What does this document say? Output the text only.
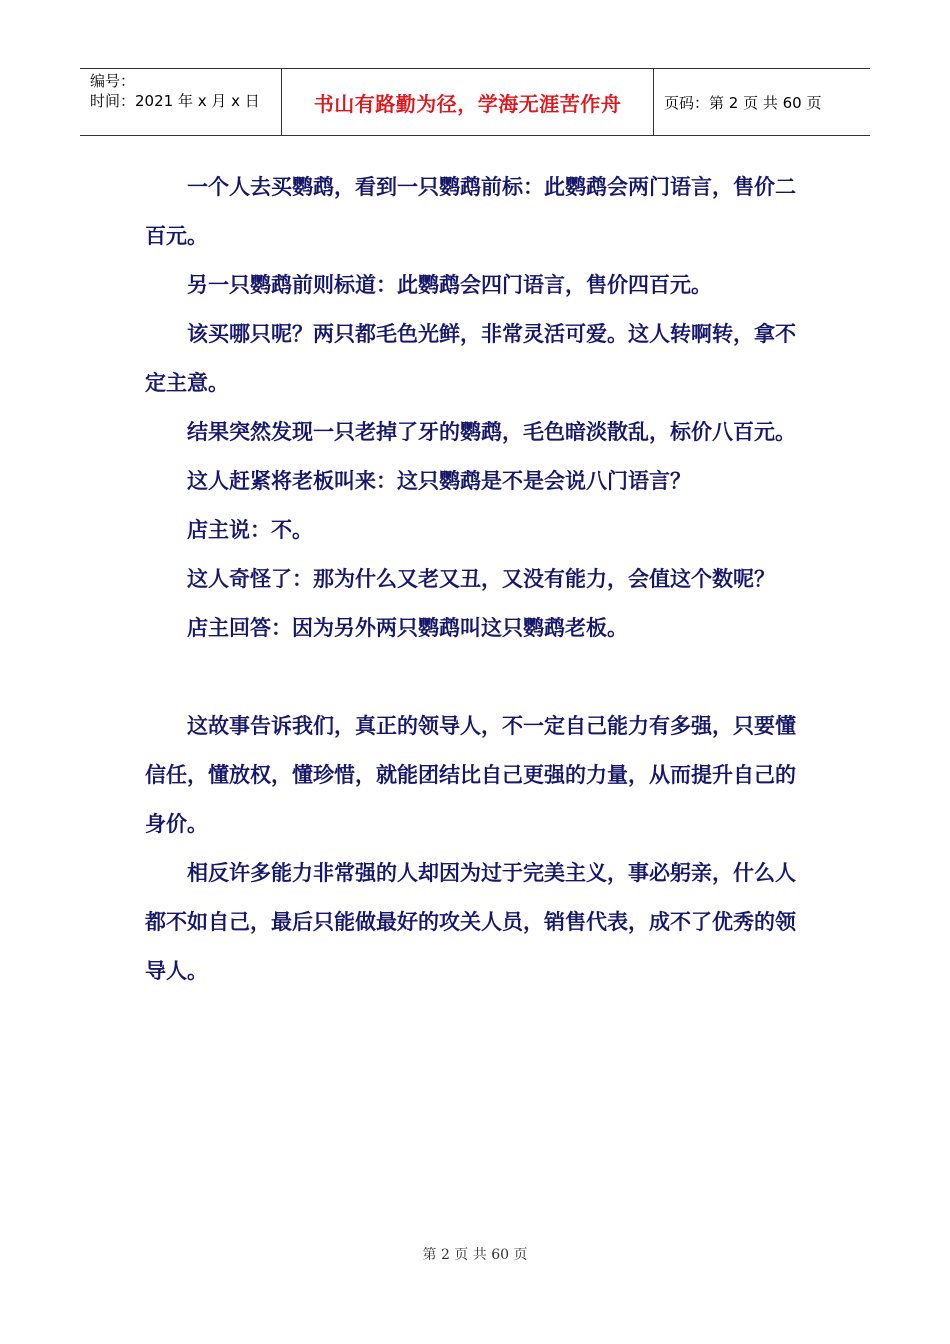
编号：
时间：2021 年 x 月 x 日	书山有路勤为径，学海无涯苦作舟	页码：第 2 页 共 60 页

一个人去买鹦鹉，看到一只鹦鹉前标：此鹦鹉会两门语言，售价二百元。

另一只鹦鹉前则标道：此鹦鹉会四门语言，售价四百元。

该买哪只呢？两只都毛色光鲜，非常灵活可爱。这人转啊转，拿不定主意。

结果突然发现一只老掉了牙的鹦鹉，毛色暗淡散乱，标价八百元。

这人赶紧将老板叫来：这只鹦鹉是不是会说八门语言？

店主说：不。

这人奇怪了：那为什么又老又丑，又没有能力，会值这个数呢？

店主回答：因为另外两只鹦鹉叫这只鹦鹉老板。

这故事告诉我们，真正的领导人，不一定自己能力有多强，只要懂信任，懂放权，懂珍惜，就能团结比自己更强的力量，从而提升自己的身价。

相反许多能力非常强的人却因为过于完美主义，事必躬亲，什么人都不如自己，最后只能做最好的攻关人员，销售代表，成不了优秀的领导人。

第 2 页 共 60 页
